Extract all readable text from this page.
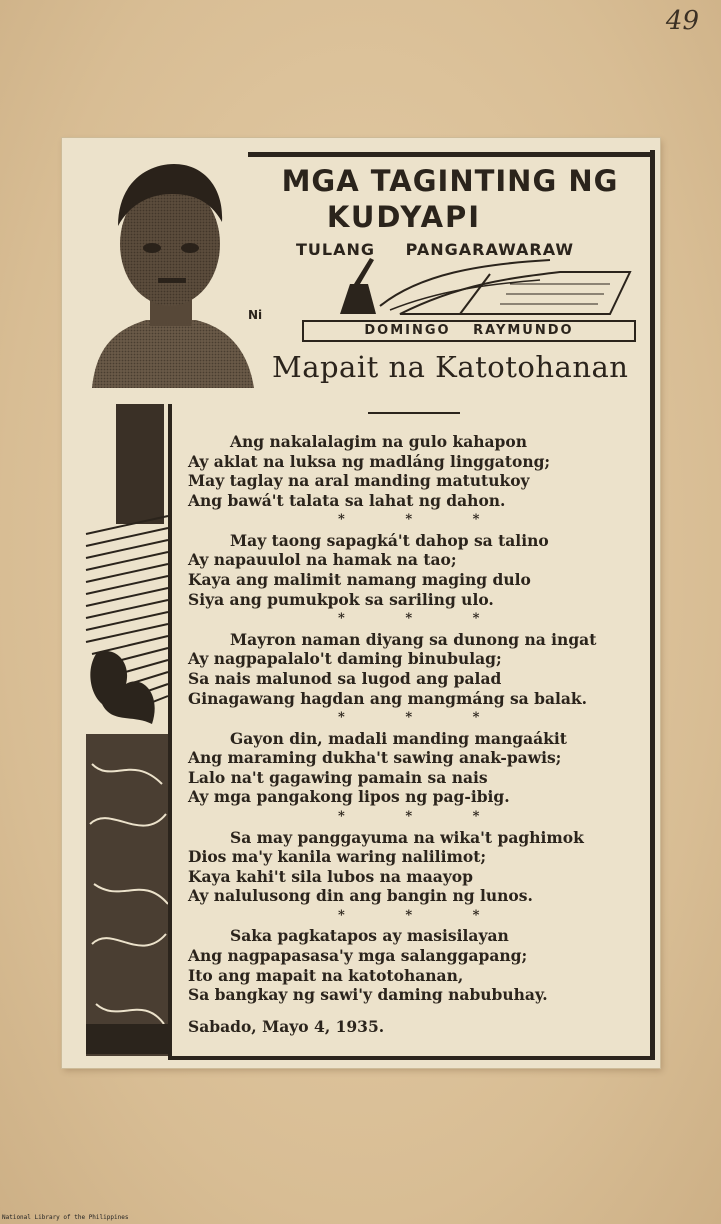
49
MGA TAGINTING NG
KUDYAPI
TULANG PANGARAWARAW
Ni
DOMINGO RAYMUNDO
Mapait na Katotohanan
Ang nakalalagim na gulo kahapon
Ay aklat na luksa ng madláng linggatong;
May taglay na aral manding matutukoy
Ang bawá't talata sa lahat ng dahon.
* * *
May taong sapagká't dahop sa talino
Ay napauulol na hamak na tao;
Kaya ang malimit namang maging dulo
Siya ang pumukpok sa sariling ulo.
* * *
Mayron naman diyang sa dunong na ingat
Ay nagpapalalo't daming binubulag;
Sa nais malunod sa lugod ang palad
Ginagawang hagdan ang mangmáng sa balak.
* * *
Gayon din, madali manding mangaákit
Ang maraming dukha't sawing anak-pawis;
Lalo na't gagawing pamain sa nais
Ay mga pangakong lipos ng pag-ibig.
* * *
Sa may panggayuma na wika't paghimok
Dios ma'y kanila waring nalilimot;
Kaya kahi't sila lubos na maayop
Ay nalulusong din ang bangin ng lunos.
* * *
Saka pagkatapos ay masisilayan
Ang nagpapasasa'y mga salanggapang;
Ito ang mapait na katotohanan,
Sa bangkay ng sawi'y daming nabubuhay.
Sabado, Mayo 4, 1935.
National Library of the Philippines
